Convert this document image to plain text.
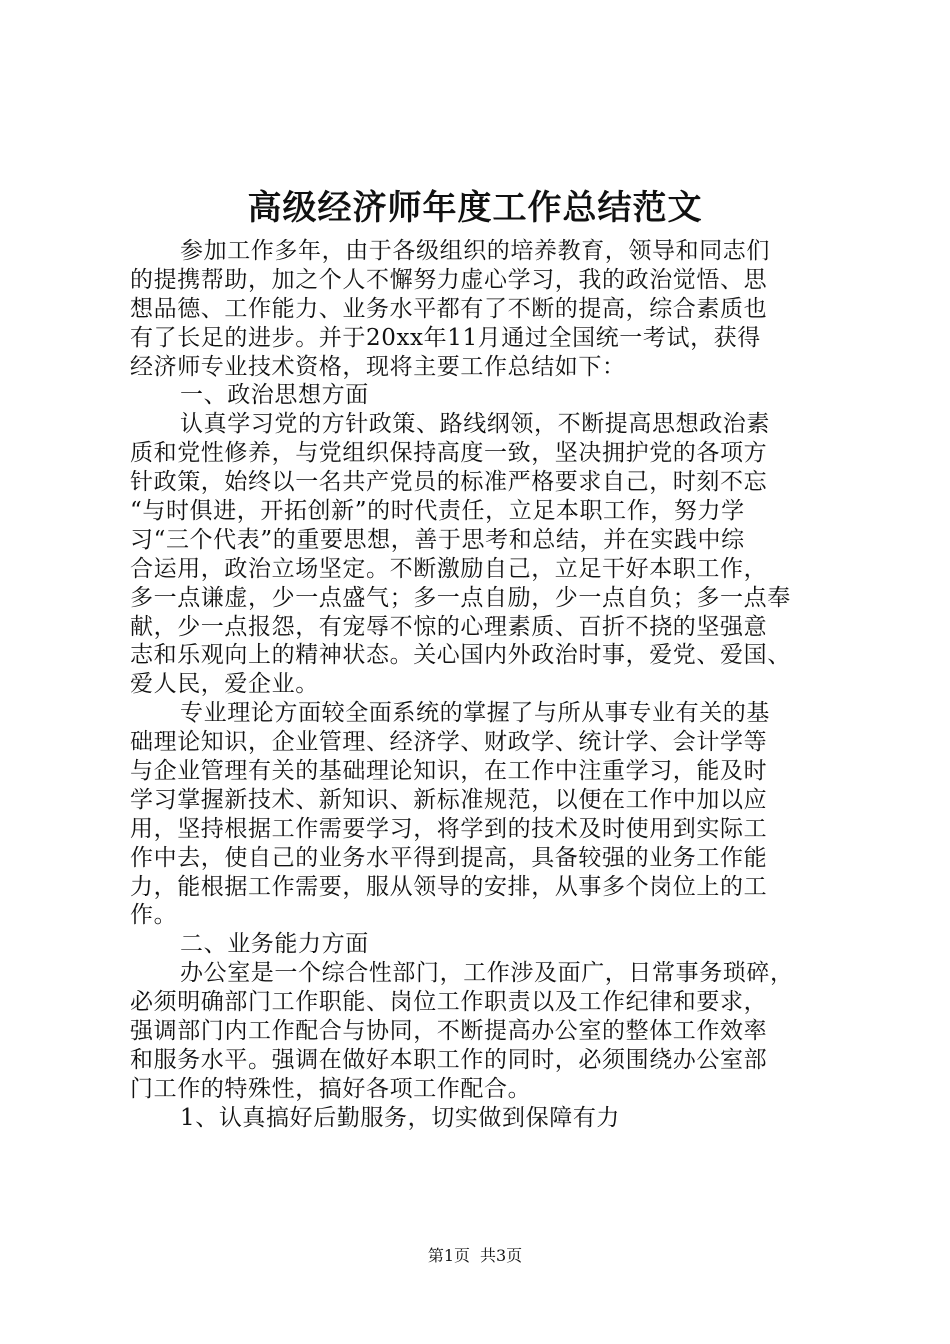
高级经济师年度工作总结范文
参加工作多年，由于各级组织的培养教育，领导和同志们
的提携帮助，加之个人不懈努力虚心学习，我的政治觉悟、思
想品德、工作能力、业务水平都有了不断的提高，综合素质也
有了长足的进步。并于20xx年11月通过全国统一考试，获得
经济师专业技术资格，现将主要工作总结如下：
一、政治思想方面
认真学习党的方针政策、路线纲领，不断提高思想政治素
质和党性修养，与党组织保持高度一致，坚决拥护党的各项方
针政策，始终以一名共产党员的标准严格要求自己，时刻不忘
“与时俱进，开拓创新”的时代责任，立足本职工作，努力学
习“三个代表”的重要思想，善于思考和总结，并在实践中综
合运用，政治立场坚定。不断激励自己，立足干好本职工作，
多一点谦虚，少一点盛气；多一点自励，少一点自负；多一点奉
献，少一点报怨，有宠辱不惊的心理素质、百折不挠的坚强意
志和乐观向上的精神状态。关心国内外政治时事，爱党、爱国、
爱人民，爱企业。
专业理论方面较全面系统的掌握了与所从事专业有关的基
础理论知识，企业管理、经济学、财政学、统计学、会计学等
与企业管理有关的基础理论知识，在工作中注重学习，能及时
学习掌握新技术、新知识、新标准规范，以便在工作中加以应
用，坚持根据工作需要学习，将学到的技术及时使用到实际工
作中去，使自己的业务水平得到提高，具备较强的业务工作能
力，能根据工作需要，服从领导的安排，从事多个岗位上的工
作。
二、业务能力方面
办公室是一个综合性部门，工作涉及面广，日常事务琐碎，
必须明确部门工作职能、岗位工作职责以及工作纪律和要求，
强调部门内工作配合与协同，不断提高办公室的整体工作效率
和服务水平。强调在做好本职工作的同时，必须围绕办公室部
门工作的特殊性，搞好各项工作配合。
1、认真搞好后勤服务，切实做到保障有力
第1页 共3页
